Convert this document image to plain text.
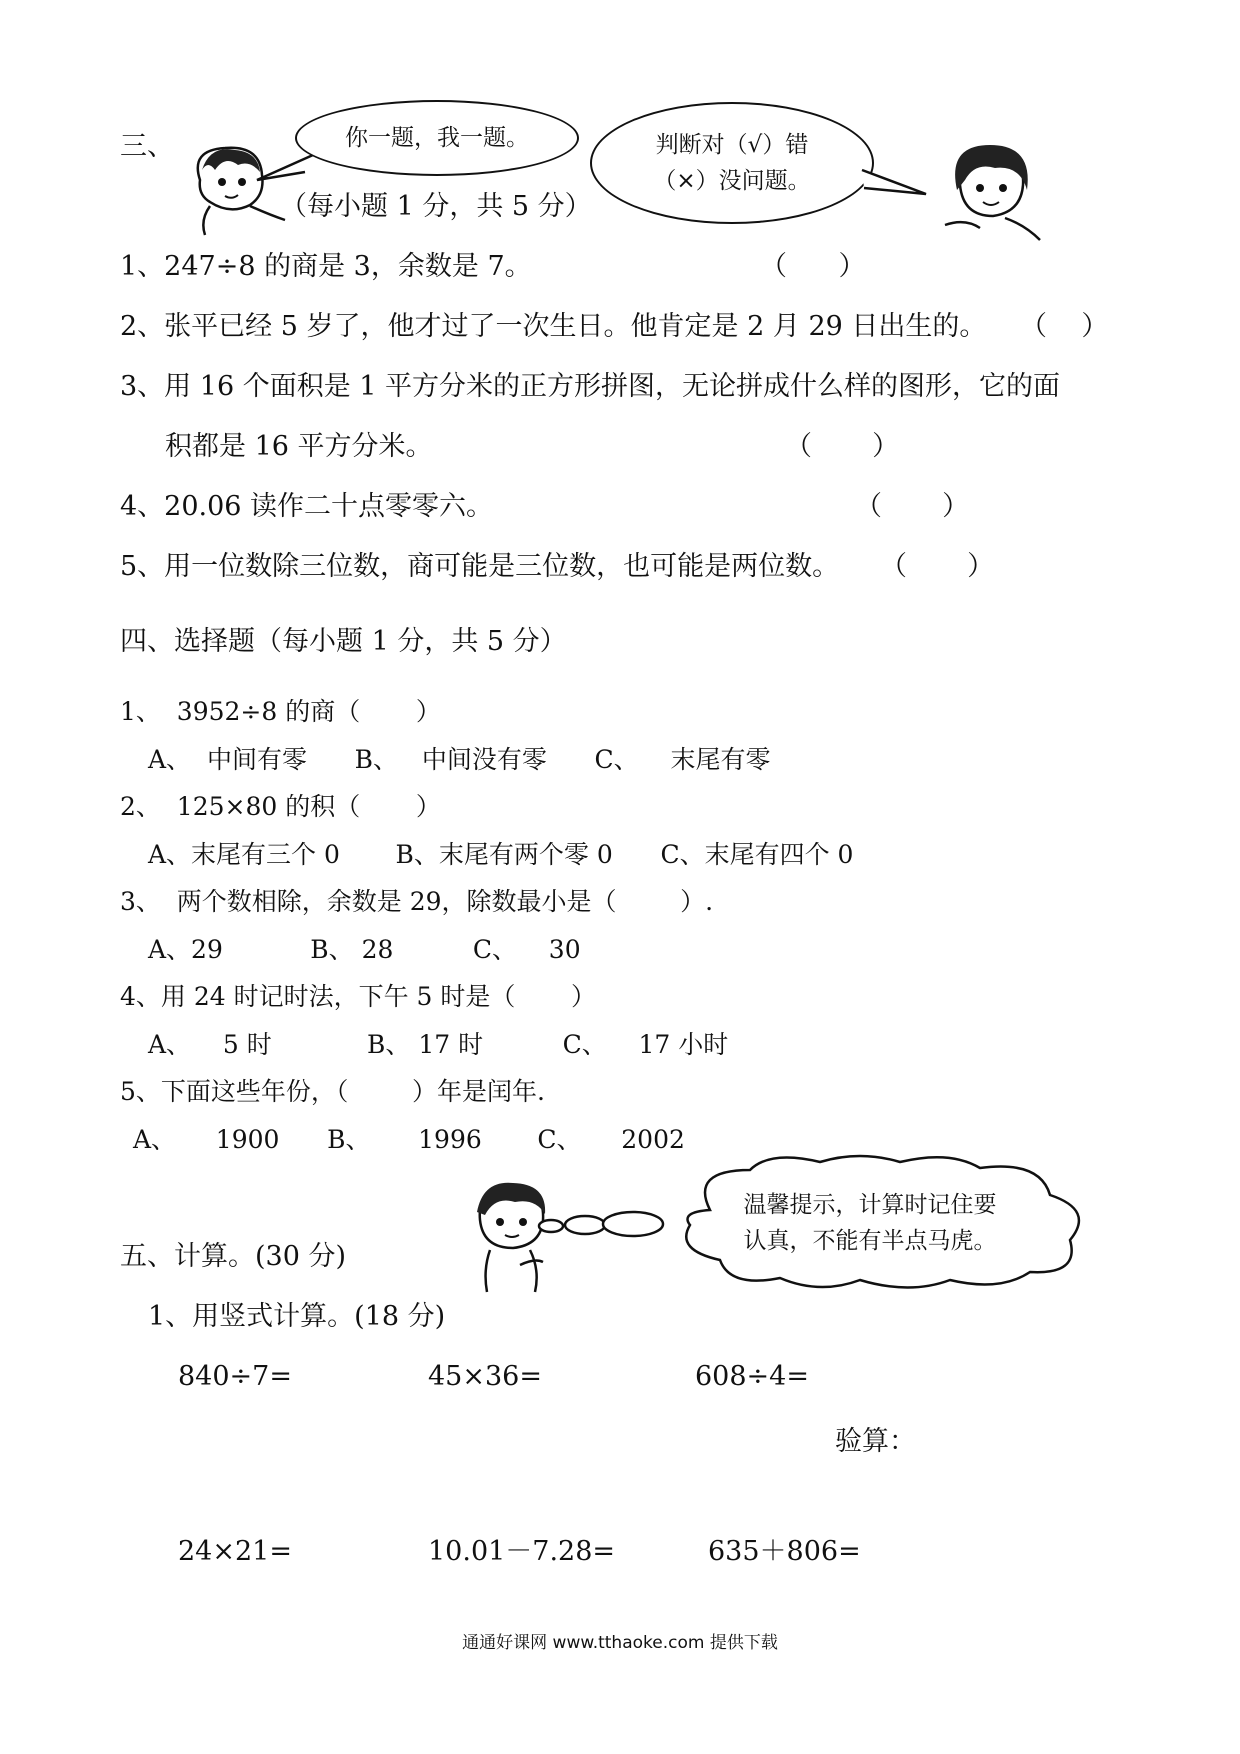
三、	你一题，我一题。	判断对（√）错
（×）没问题。
（每小题 1 分，共 5 分）
1、247÷8 的商是 3，余数是 7。	（      ）
2、张平已经 5 岁了，他才过了一次生日。他肯定是 2 月 29 日出生的。 （    ）
3、用 16 个面积是 1 平方分米的正方形拼图，无论拼成什么样的图形，它的面
积都是 16 平方分米。	（       ）
4、20.06 读作二十点零零六。	（       ）
5、用一位数除三位数，商可能是三位数，也可能是两位数。 （       ）
四、选择题（每小题 1 分，共 5 分）
1、  3952÷8 的商（       ）
A、  中间有零      B、   中间没有零      C、    末尾有零
2、  125×80 的积（       ）
A、末尾有三个 0       B、末尾有两个零 0      C、末尾有四个 0
3、  两个数相除，余数是 29，除数最小是（        ）.
A、29           B、 28          C、    30
4、用 24 时记时法，下午 5 时是（       ）
A、    5 时            B、 17 时          C、    17 小时
5、下面这些年份，（        ）年是闰年.
A、     1900      B、      1996       C、     2002
温馨提示，计算时记住要
认真，不能有半点马虎。
五、计算。(30 分)
1、用竖式计算。(18 分)
840÷7=	45×36=	608÷4=
验算：
24×21=	10.01－7.28=	635＋806=
通通好课网 www.tthaoke.com 提供下载
